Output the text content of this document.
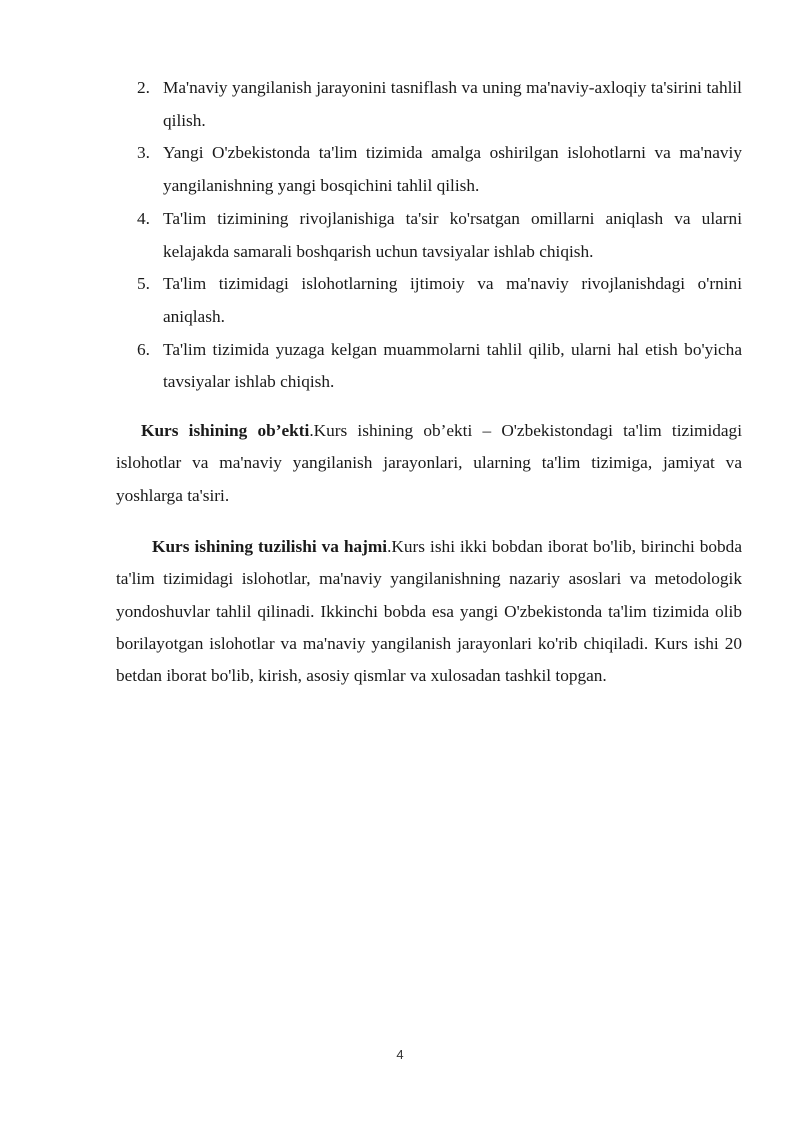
2. Ma'naviy yangilanish jarayonini tasniflash va uning ma'naviy-axloqiy ta'sirini tahlil qilish.
3. Yangi O'zbekistonda ta'lim tizimida amalga oshirilgan islohotlarni va ma'naviy yangilanishning yangi bosqichini tahlil qilish.
4. Ta'lim tizimining rivojlanishiga ta'sir ko'rsatgan omillarni aniqlash va ularni kelajakda samarali boshqarish uchun tavsiyalar ishlab chiqish.
5. Ta'lim tizimidagi islohotlarning ijtimoiy va ma'naviy rivojlanishdagi o'rnini aniqlash.
6. Ta'lim tizimida yuzaga kelgan muammolarni tahlil qilib, ularni hal etish bo'yicha tavsiyalar ishlab chiqish.

Kurs ishining ob’ekti.Kurs ishining ob’ekti – O'zbekistondagi ta'lim tizimidagi islohotlar va ma'naviy yangilanish jarayonlari, ularning ta'lim tizimiga, jamiyat va yoshlarga ta'siri.

Kurs ishining tuzilishi va hajmi.Kurs ishi ikki bobdan iborat bo'lib, birinchi bobda ta'lim tizimidagi islohotlar, ma'naviy yangilanishning nazariy asoslari va metodologik yondoshuvlar tahlil qilinadi. Ikkinchi bobda esa yangi O'zbekistonda ta'lim tizimida olib borilayotgan islohotlar va ma'naviy yangilanish jarayonlari ko'rib chiqiladi. Kurs ishi 20 betdan iborat bo'lib, kirish, asosiy qismlar va xulosadan tashkil topgan.

4
